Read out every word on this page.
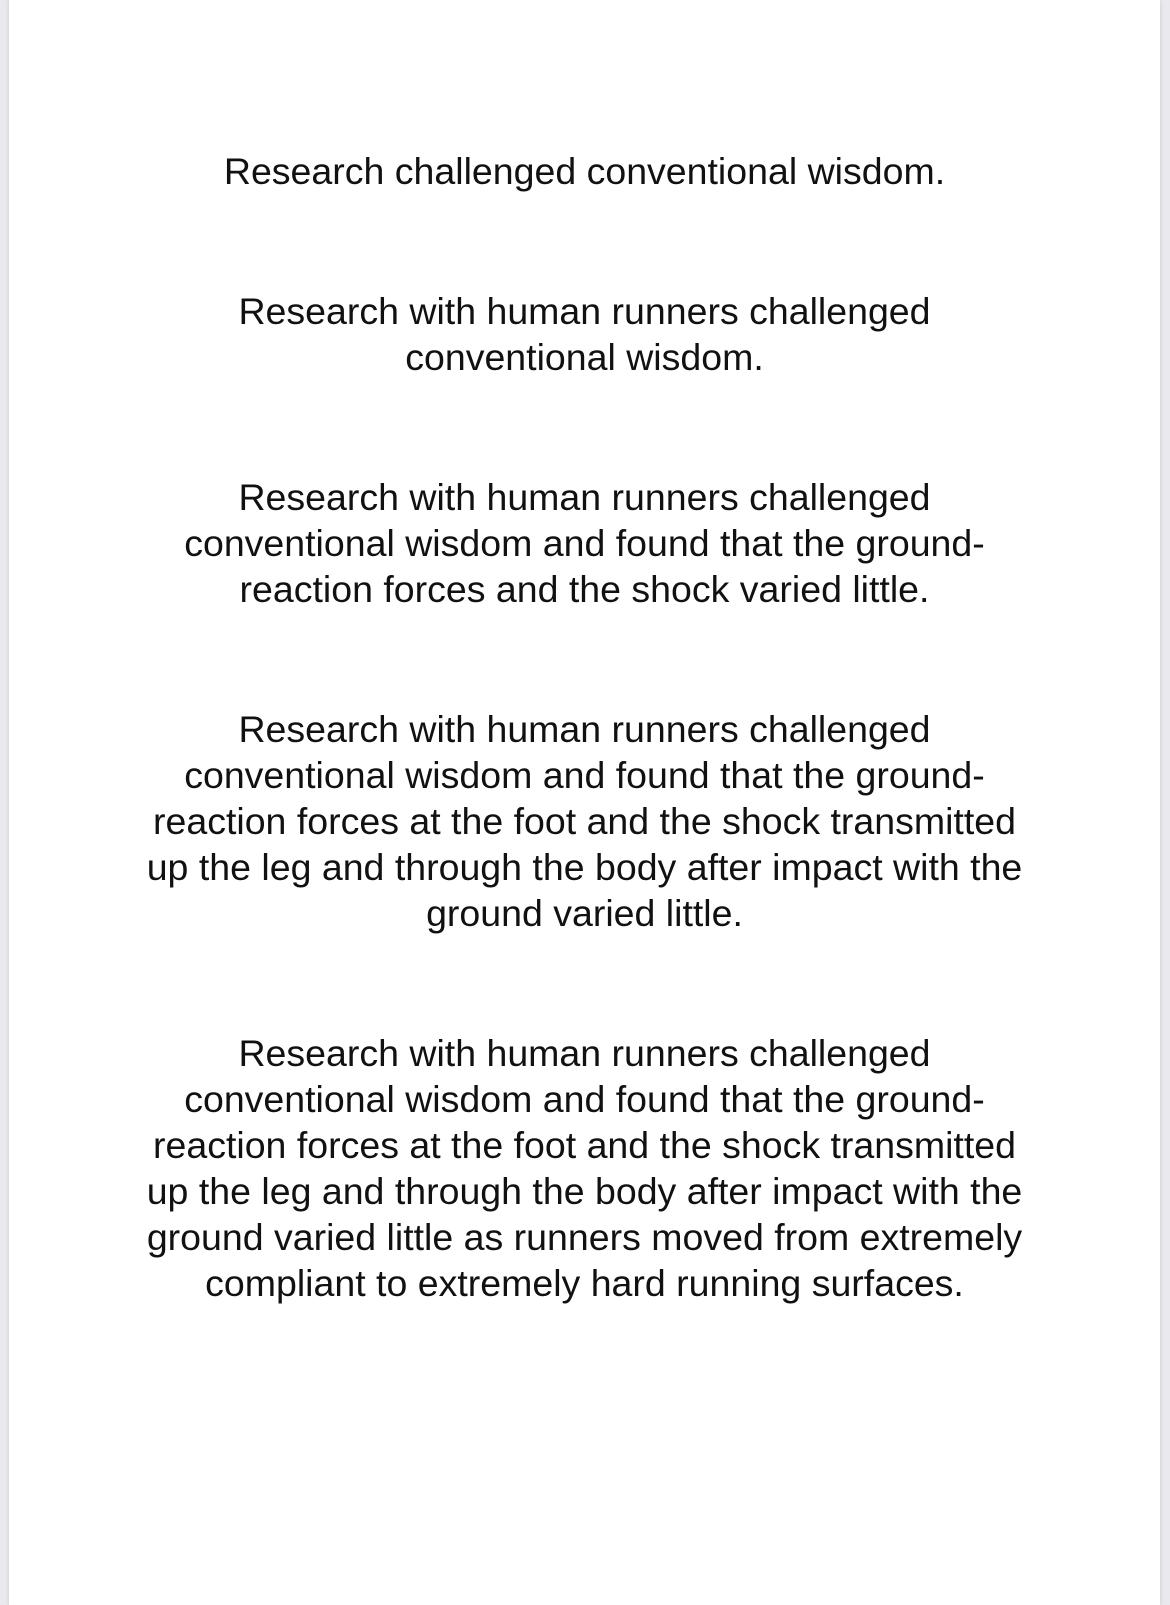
Research challenged conventional wisdom.

Research with human runners challenged
conventional wisdom.

Research with human runners challenged
conventional wisdom and found that the ground-
reaction forces and the shock varied little.

Research with human runners challenged
conventional wisdom and found that the ground-
reaction forces at the foot and the shock transmitted
up the leg and through the body after impact with the
ground varied little.

Research with human runners challenged
conventional wisdom and found that the ground-
reaction forces at the foot and the shock transmitted
up the leg and through the body after impact with the
ground varied little as runners moved from extremely
compliant to extremely hard running surfaces.
